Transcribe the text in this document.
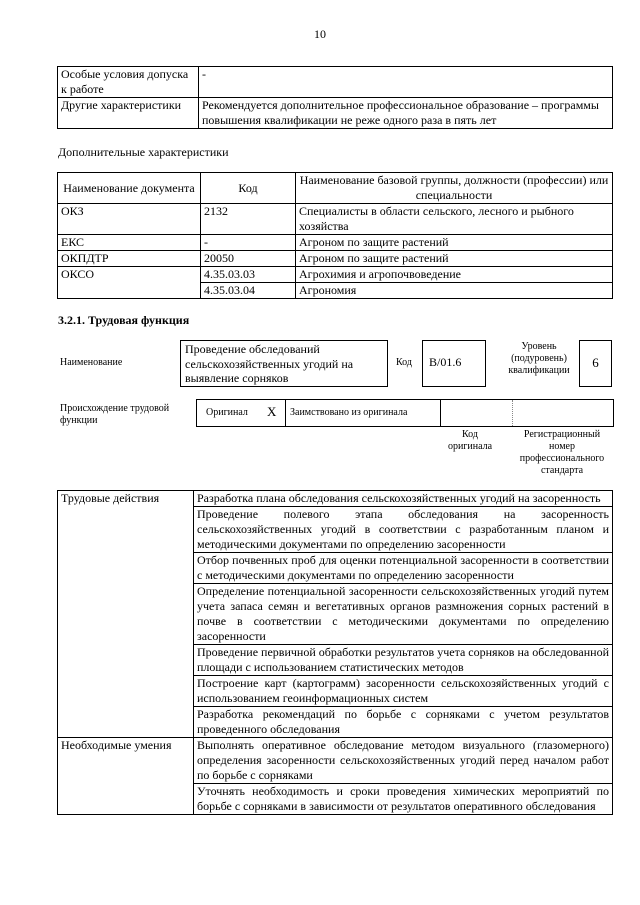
10
Особые условия допуска к работе	-
Другие характеристики	Рекомендуется дополнительное профессиональное образование – программы повышения квалификации не реже одного раза в пять лет
Дополнительные характеристики
Наименование документа	Код	Наименование базовой группы, должности (профессии) или специальности
ОКЗ	2132	Специалисты в области сельского, лесного и рыбного хозяйства
ЕКС	-	Агроном по защите растений
ОКПДТР	20050	Агроном по защите растений
ОКСО	4.35.03.03	Агрохимия и агропочвоведение
	4.35.03.04	Агрономия
3.2.1. Трудовая функция
Наименование
Проведение обследований сельскохозяйственных угодий на выявление сорняков
Код	B/01.6
Уровень (подуровень) квалификации
6
Происхождение трудовой функции
Оригинал X Заимствовано из оригинала
Код оригинала
Регистрационный номер профессионального стандарта
Трудовые действия	Разработка плана обследования сельскохозяйственных угодий на засоренность
	Проведение полевого этапа обследования на засоренность сельскохозяйственных угодий в соответствии с разработанным планом и методическими документами по определению засоренности
	Отбор почвенных проб для оценки потенциальной засоренности в соответствии с методическими документами по определению засоренности
	Определение потенциальной засоренности сельскохозяйственных угодий путем учета запаса семян и вегетативных органов размножения сорных растений в почве в соответствии с методическими документами по определению засоренности
	Проведение первичной обработки результатов учета сорняков на обследованной площади с использованием статистических методов
	Построение карт (картограмм) засоренности сельскохозяйственных угодий с использованием геоинформационных систем
	Разработка рекомендаций по борьбе с сорняками с учетом результатов проведенного обследования
Необходимые умения	Выполнять оперативное обследование методом визуального (глазомерного) определения засоренности сельскохозяйственных угодий перед началом работ по борьбе с сорняками
	Уточнять необходимость и сроки проведения химических мероприятий по борьбе с сорняками в зависимости от результатов оперативного обследования
